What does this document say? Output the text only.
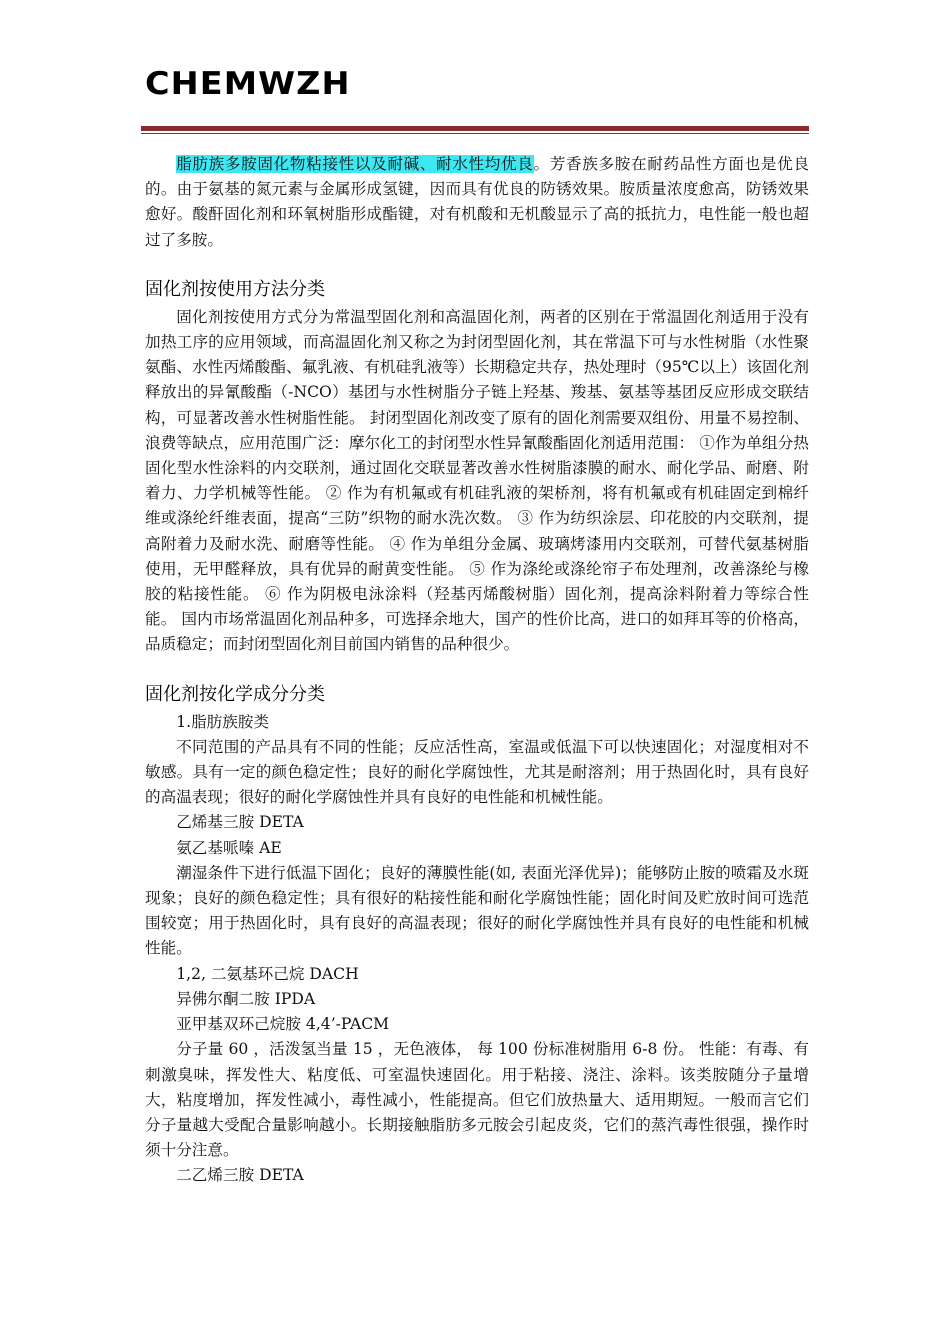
CHEMWZH

脂肪族多胺固化物粘接性以及耐碱、耐水性均优良。芳香族多胺在耐药品性方面也是优良的。由于氨基的氮元素与金属形成氢键，因而具有优良的防锈效果。胺质量浓度愈高，防锈效果愈好。酸酐固化剂和环氧树脂形成酯键，对有机酸和无机酸显示了高的抵抗力，电性能一般也超过了多胺。

固化剂按使用方法分类

固化剂按使用方式分为常温型固化剂和高温固化剂，两者的区别在于常温固化剂适用于没有加热工序的应用领域，而高温固化剂又称之为封闭型固化剂，其在常温下可与水性树脂（水性聚氨酯、水性丙烯酸酯、氟乳液、有机硅乳液等）长期稳定共存，热处理时（95℃以上）该固化剂释放出的异氰酸酯（-NCO）基团与水性树脂分子链上羟基、羧基、氨基等基团反应形成交联结构，可显著改善水性树脂性能。 封闭型固化剂改变了原有的固化剂需要双组份、用量不易控制、浪费等缺点，应用范围广泛：摩尔化工的封闭型水性异氰酸酯固化剂适用范围： ①作为单组分热固化型水性涂料的内交联剂，通过固化交联显著改善水性树脂漆膜的耐水、耐化学品、耐磨、附着力、力学机械等性能。 ② 作为有机氟或有机硅乳液的架桥剂，将有机氟或有机硅固定到棉纤维或涤纶纤维表面，提高“三防”织物的耐水洗次数。 ③ 作为纺织涂层、印花胶的内交联剂，提高附着力及耐水洗、耐磨等性能。 ④ 作为单组分金属、玻璃烤漆用内交联剂，可替代氨基树脂使用，无甲醛释放，具有优异的耐黄变性能。 ⑤ 作为涤纶或涤纶帘子布处理剂，改善涤纶与橡胶的粘接性能。 ⑥ 作为阴极电泳涂料（羟基丙烯酸树脂）固化剂，提高涂料附着力等综合性能。 国内市场常温固化剂品种多，可选择余地大，国产的性价比高，进口的如拜耳等的价格高，品质稳定；而封闭型固化剂目前国内销售的品种很少。

固化剂按化学成分分类

1.脂肪族胺类

不同范围的产品具有不同的性能；反应活性高，室温或低温下可以快速固化；对湿度相对不敏感。具有一定的颜色稳定性；良好的耐化学腐蚀性，尤其是耐溶剂；用于热固化时，具有良好的高温表现；很好的耐化学腐蚀性并具有良好的电性能和机械性能。

乙烯基三胺 DETA

氨乙基哌嗪 AE

潮湿条件下进行低温下固化；良好的薄膜性能(如, 表面光泽优异)；能够防止胺的喷霜及水斑现象；良好的颜色稳定性；具有很好的粘接性能和耐化学腐蚀性能；固化时间及贮放时间可选范围较宽；用于热固化时，具有良好的高温表现；很好的耐化学腐蚀性并具有良好的电性能和机械性能。

1,2, 二氨基环己烷 DACH

异佛尔酮二胺 IPDA

亚甲基双环己烷胺 4,4’-PACM

分子量 60 ，活泼氢当量 15 ，无色液体， 每 100 份标准树脂用 6-8 份。 性能：有毒、有刺激臭味，挥发性大、粘度低、可室温快速固化。用于粘接、浇注、涂料。该类胺随分子量增大，粘度增加，挥发性减小，毒性减小，性能提高。但它们放热量大、适用期短。一般而言它们分子量越大受配合量影响越小。长期接触脂肪多元胺会引起皮炎，它们的蒸汽毒性很强，操作时须十分注意。

二乙烯三胺 DETA
